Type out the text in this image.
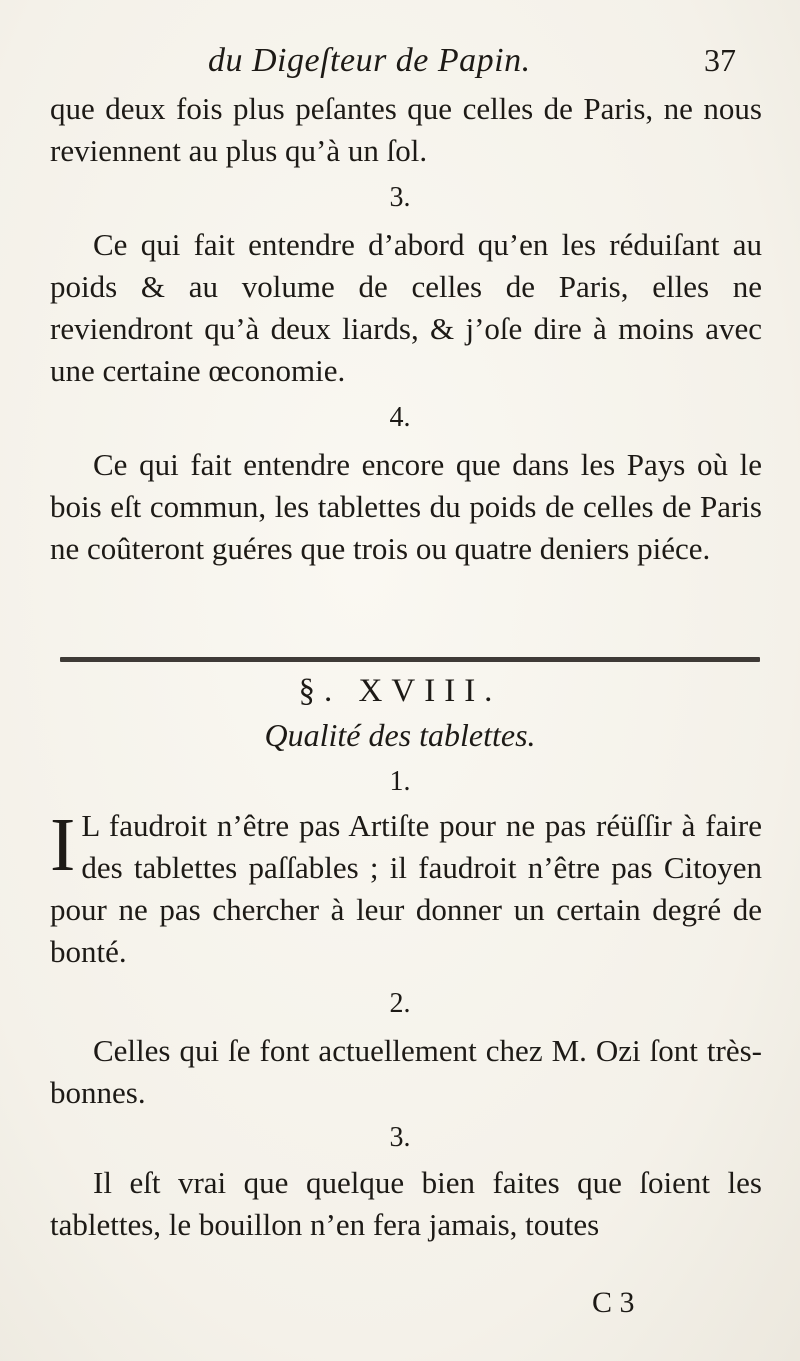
du Digeſteur de Papin.	37

que deux fois plus peſantes que celles de Paris, ne nous reviennent au plus qu’à un ſol.

3.

Ce qui fait entendre d’abord qu’en les réduiſant au poids & au volume de celles de Paris, elles ne reviendront qu’à deux liards, & j’oſe dire à moins avec une certaine œconomie.

4.

Ce qui fait entendre encore que dans les Pays où le bois eſt commun, les tablettes du poids de celles de Paris ne coûteront guéres que trois ou quatre deniers piéce.

§. XVIII.
Qualité des tablettes.
1.

I L faudroit n’être pas Artiſte pour ne pas réüſſir à faire des tablettes paſſables ; il faudroit n’être pas Citoyen pour ne pas chercher à leur donner un certain degré de bonté.

2.

Celles qui ſe font actuellement chez M. Ozi ſont très-bonnes.

3.

Il eſt vrai que quelque bien faites que ſoient les tablettes, le bouillon n’en fera jamais, toutes

C 3
